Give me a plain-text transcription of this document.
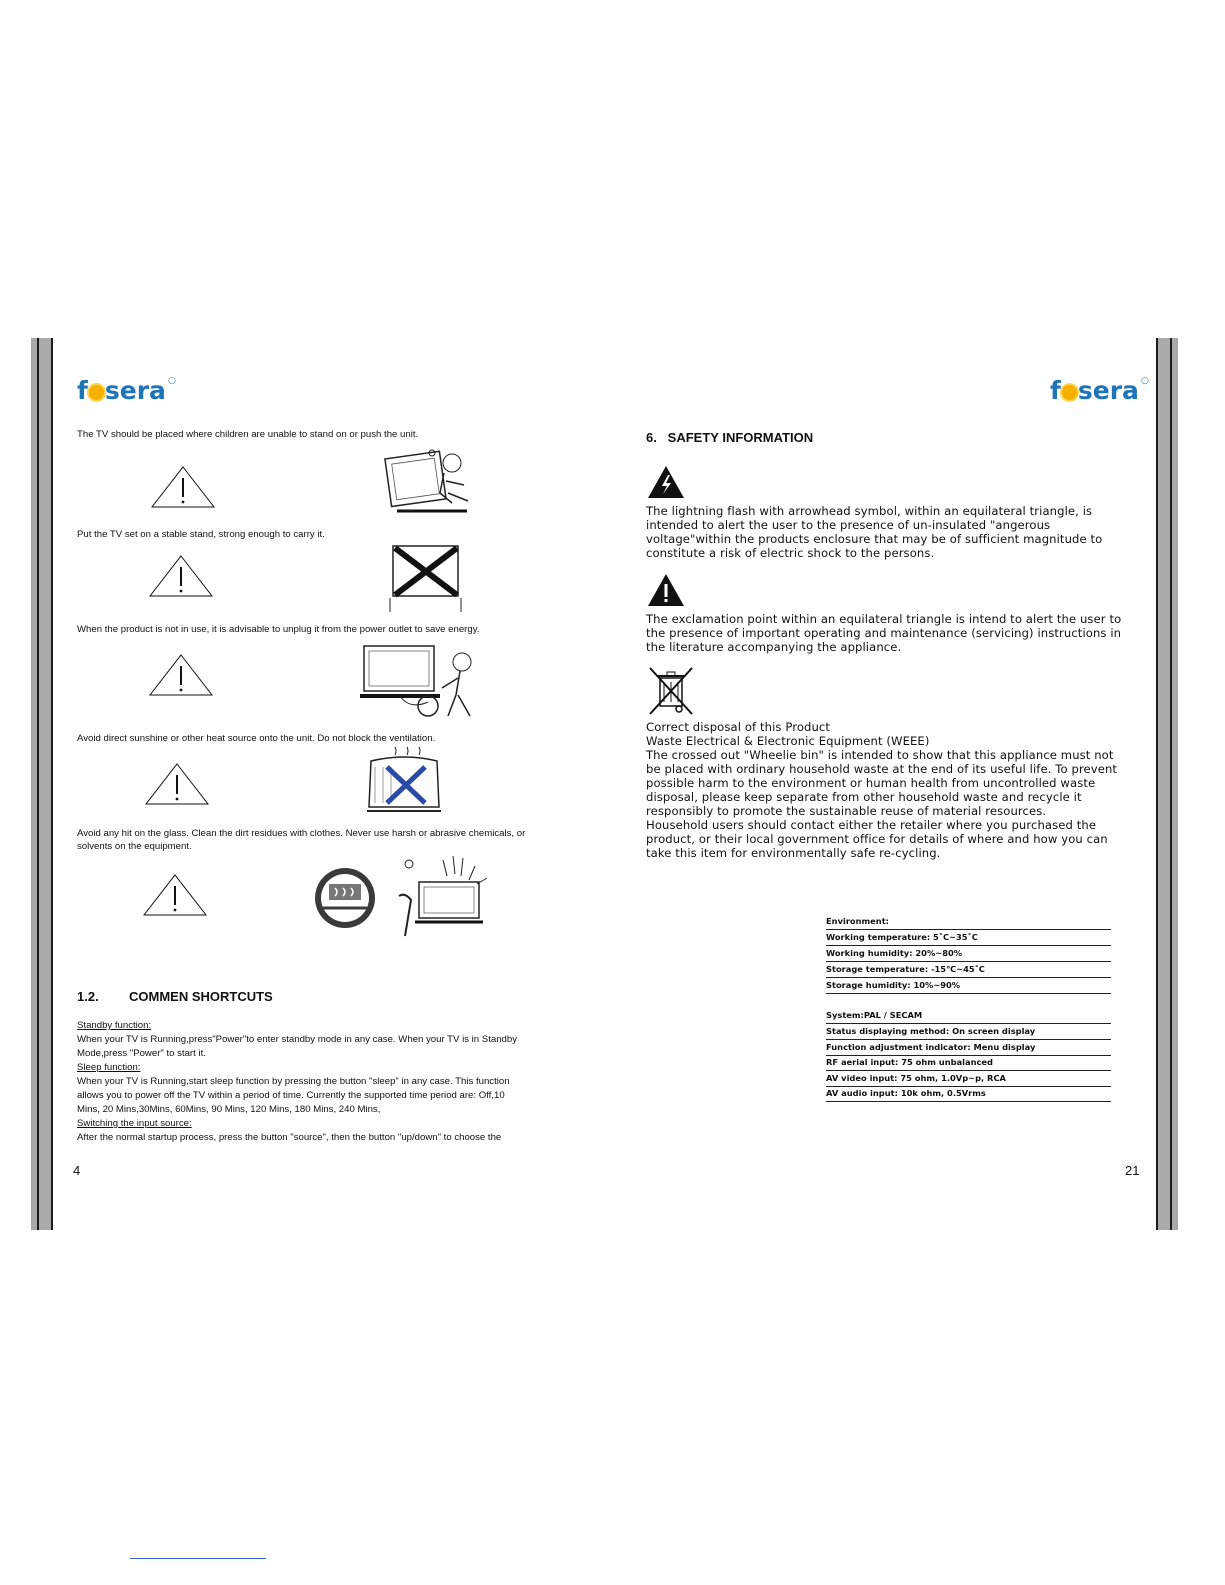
f sera ○	f sera ○
The TV should be placed where children are unable to stand on or push the unit.
Put the TV set on a stable stand, strong enough to carry it.
When the product is not in use, it is advisable to unplug it from the power outlet to save energy.
Avoid direct sunshine or other heat source onto the unit. Do not block the ventilation.
Avoid any hit on the glass. Clean the dirt residues with clothes. Never use harsh or abrasive chemicals, or
solvents on the equipment.
1.2. COMMEN SHORTCUTS
Standby function:
When your TV is Running,press"Power"to enter standby mode in any case. When your TV is in Standby
Mode,press "Power" to start it.
Sleep function:
When your TV is Running,start sleep function by pressing the button "sleep" in any case. This function
allows you to power off the TV within a period of time. Currently the supported time period are: Off,10
Mins, 20 Mins,30Mins, 60Mins, 90 Mins, 120 Mins, 180 Mins, 240 Mins,
Switching the input source:
After the normal startup process, press the button "source", then the button "up/down" to choose the
4
6.   SAFETY INFORMATION
The lightning flash with arrowhead symbol, within an equilateral triangle, is
intended to alert the user to the presence of un-insulated "angerous
voltage"within the products enclosure that may be of sufficient magnitude to
constitute a risk of electric shock to the persons.
The exclamation point within an equilateral triangle is intend to alert the user to
the presence of important operating and maintenance (servicing) instructions in
the literature accompanying the appliance.
Correct disposal of this Product
Waste Electrical & Electronic Equipment (WEEE)
The crossed out "Wheelie bin" is intended to show that this appliance must not
be placed with ordinary household waste at the end of its useful life. To prevent
possible harm to the environment or human health from uncontrolled waste
disposal, please keep separate from other household waste and recycle it
responsibly to promote the sustainable reuse of material resources.
Household users should contact either the retailer where you purchased the
product, or their local government office for details of where and how you can
take this item for environmentally safe re-cycling.
Environment:
Working temperature: 5˚C~35˚C
Working humidity: 20%~80%
Storage temperature: -15℃~45˚C
Storage humidity: 10%~90%
System:PAL / SECAM
Status displaying method: On screen display
Function adjustment indicator: Menu display
RF aerial input: 75 ohm unbalanced
AV video input: 75 ohm, 1.0Vp~p, RCA
AV audio input: 10k ohm, 0.5Vrms
21
